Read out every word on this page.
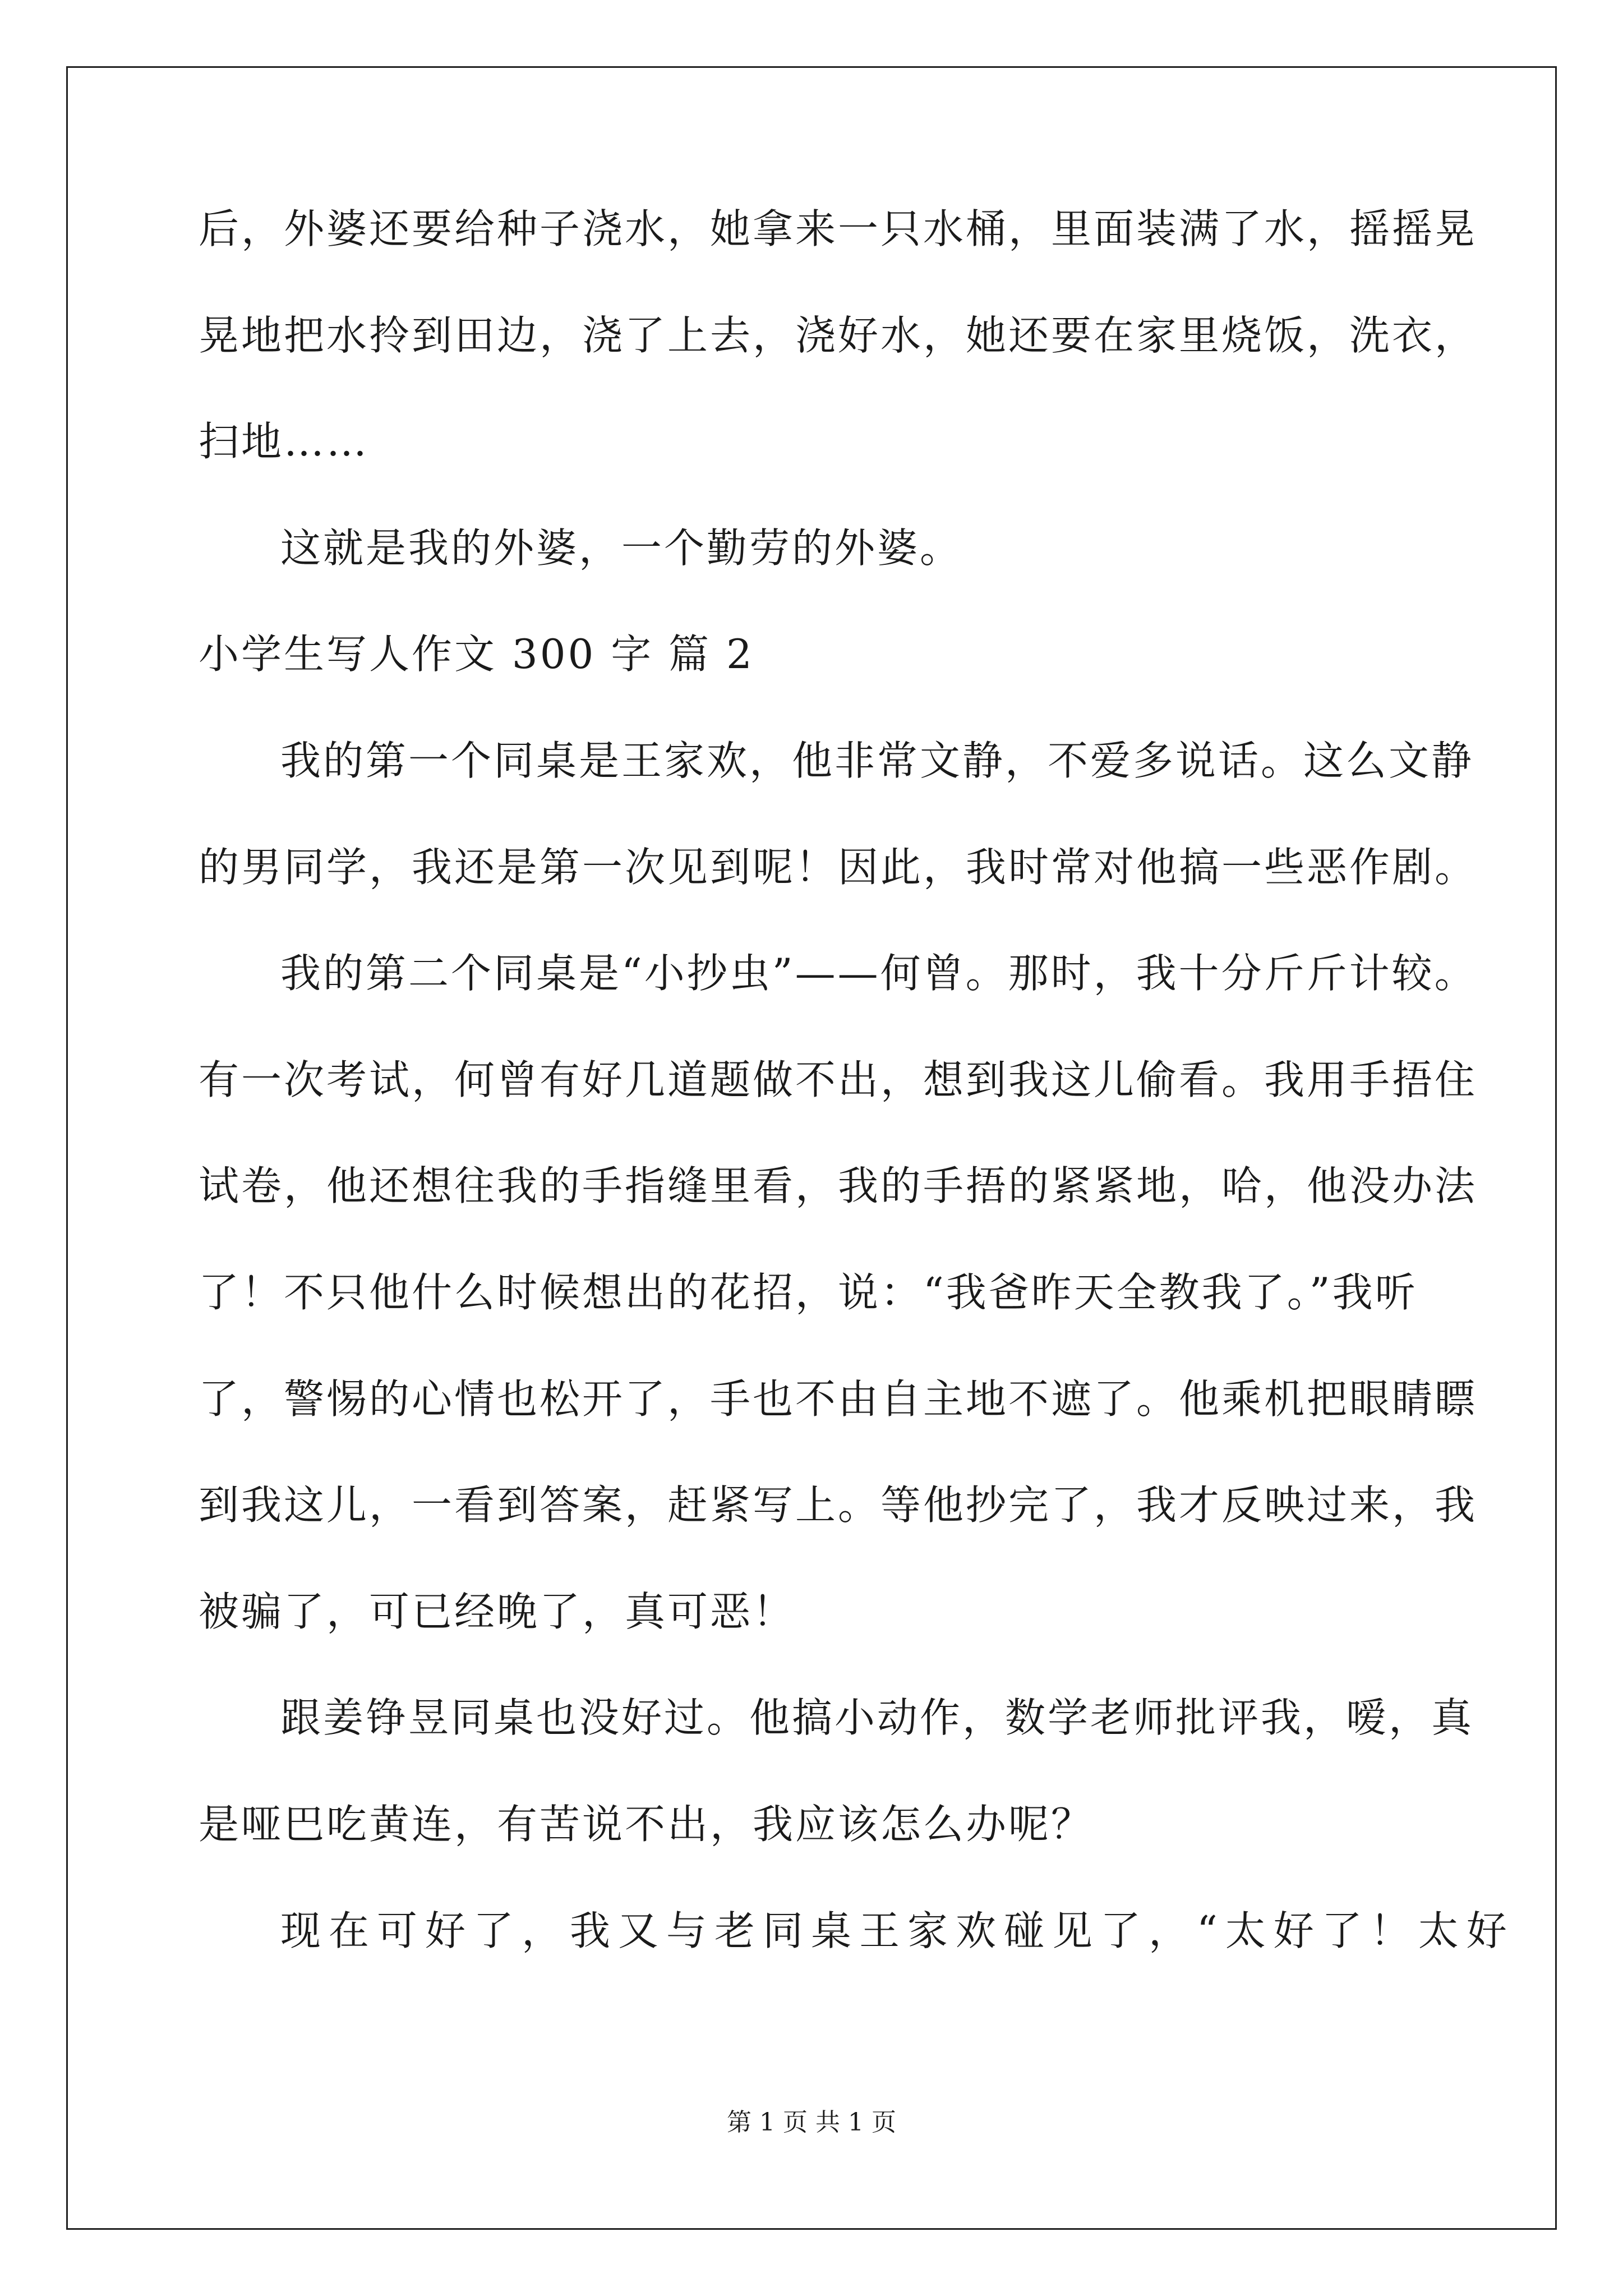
后，外婆还要给种子浇水，她拿来一只水桶，里面装满了水，摇摇晃
晃地把水拎到田边，浇了上去，浇好水，她还要在家里烧饭，洗衣，
扫地……
这就是我的外婆，一个勤劳的外婆。
小学生写人作文 300 字 篇 2
我的第一个同桌是王家欢，他非常文静，不爱多说话。这么文静
的男同学，我还是第一次见到呢！因此，我时常对他搞一些恶作剧。
我的第二个同桌是“小抄虫”——何曾。那时，我十分斤斤计较。
有一次考试，何曾有好几道题做不出，想到我这儿偷看。我用手捂住
试卷，他还想往我的手指缝里看，我的手捂的紧紧地，哈，他没办法
了！不只他什么时候想出的花招，说：“我爸昨天全教我了。”我听
了，警惕的心情也松开了，手也不由自主地不遮了。他乘机把眼睛瞟
到我这儿，一看到答案，赶紧写上。等他抄完了，我才反映过来，我
被骗了，可已经晚了，真可恶！
跟姜铮昱同桌也没好过。他搞小动作，数学老师批评我，嗳，真
是哑巴吃黄连，有苦说不出，我应该怎么办呢？
现在可好了，我又与老同桌王家欢碰见了，“太好了！太好
第 1 页 共 1 页
